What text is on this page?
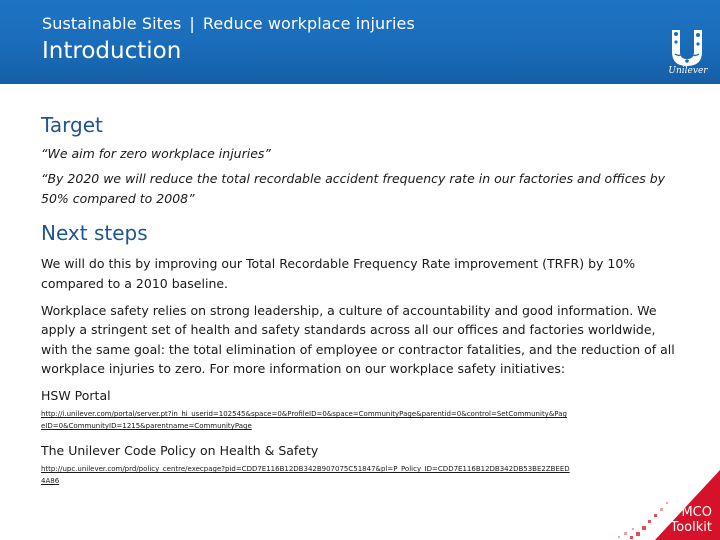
Sustainable Sites | Reduce workplace injuries
Introduction
Unilever
Target

“We aim for zero workplace injuries”

“By 2020 we will reduce the total recordable accident frequency rate in our factories and offices by 50% compared to 2008”

Next steps

We will do this by improving our Total Recordable Frequency Rate improvement (TRFR) by 10% compared to a 2010 baseline.

Workplace safety relies on strong leadership, a culture of accountability and good information. We apply a stringent set of health and safety standards across all our offices and factories worldwide, with the same goal: the total elimination of employee or contractor fatalities, and the reduction of all workplace injuries to zero. For more information on our workplace safety initiatives:

HSW Portal

http://i.unilever.com/portal/server.pt?in_hi_userid=102545&space=0&ProfileID=0&space=CommunityPage&parentid=0&control=SetCommunity&PageID=0&CommunityID=1215&parentname=CommunityPage

The Unilever Code Policy on Health & Safety

http://upc.unilever.com/prd/policy_centre/execpage?pid=CDD7E116B12DB342B907075C51847&pl=P_Policy_ID=CDD7E116B12DB342DB53BE2ZBEED4A86
MCO
Toolkit
